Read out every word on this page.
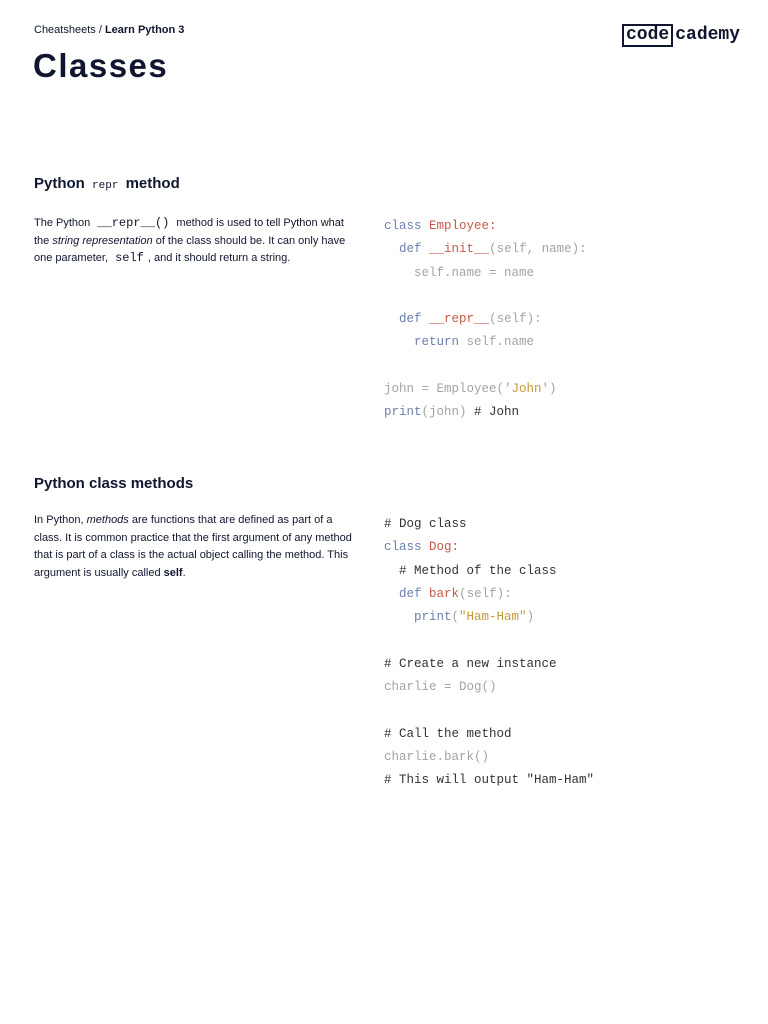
Cheatsheets / Learn Python 3	code cademy
Classes
Python repr method

The Python __repr__() method is used to tell Python what the string representation of the class should be. It can only have one parameter, self , and it should return a string.

class Employee:
def __init__(self, name):
self.name = name
def __repr__(self):
return self.name
john = Employee('John')
print(john) # John
Python class methods

In Python, methods are functions that are defined as part of a class. It is common practice that the first argument of any method that is part of a class is the actual object calling the method. This argument is usually called self.

# Dog class
class Dog:
# Method of the class
def bark(self):
print("Ham-Ham")
# Create a new instance
charlie = Dog()
# Call the method
charlie.bark()
# This will output "Ham-Ham"
